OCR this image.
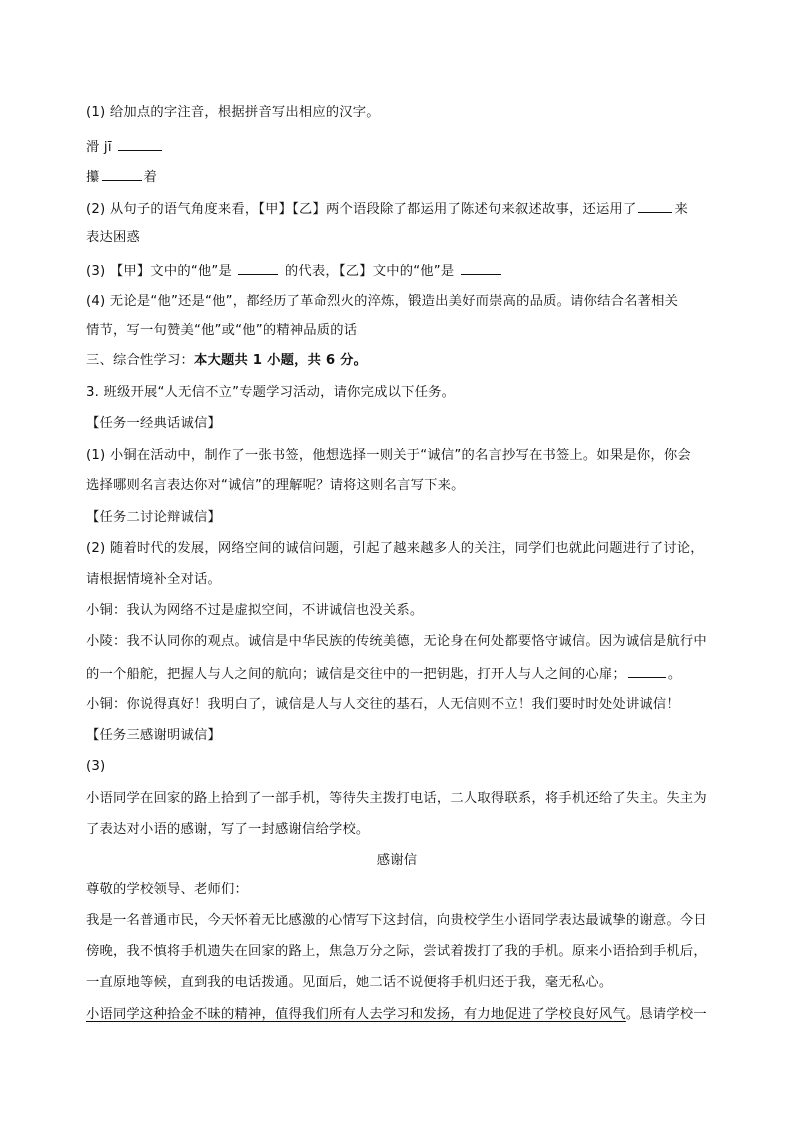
(1) 给加点的字注音，根据拼音写出相应的汉字。
滑 jī
攥	着
(2) 从句子的语气角度来看，【甲】【乙】两个语段除了都运用了陈述句来叙述故事，还运用了	来
表达困惑
(3) 【甲】文中的“他”是	的代表，【乙】文中的“他”是
(4) 无论是“他”还是“他”，都经历了革命烈火的淬炼，锻造出美好而崇高的品质。请你结合名著相关
情节，写一句赞美“他”或“他”的精神品质的话
三、综合性学习：本大题共 1 小题，共 6 分。
3. 班级开展“人无信不立”专题学习活动，请你完成以下任务。
【任务一经典话诚信】
(1) 小铜在活动中，制作了一张书签，他想选择一则关于“诚信”的名言抄写在书签上。如果是你，你会
选择哪则名言表达你对“诚信”的理解呢？请将这则名言写下来。
【任务二讨论辩诚信】
(2) 随着时代的发展，网络空间的诚信问题，引起了越来越多人的关注，同学们也就此问题进行了讨论，
请根据情境补全对话。
小铜：我认为网络不过是虚拟空间，不讲诚信也没关系。
小陵：我不认同你的观点。诚信是中华民族的传统美德，无论身在何处都要恪守诚信。因为诚信是航行中
的一个船舵，把握人与人之间的航向；诚信是交往中的一把钥匙，打开人与人之间的心扉；	。
小铜：你说得真好！我明白了，诚信是人与人交往的基石，人无信则不立！我们要时时处处讲诚信！
【任务三感谢明诚信】
(3)
小语同学在回家的路上拾到了一部手机，等待失主拨打电话，二人取得联系，将手机还给了失主。失主为
了表达对小语的感谢，写了一封感谢信给学校。
感谢信
尊敬的学校领导、老师们：
我是一名普通市民，今天怀着无比感激的心情写下这封信，向贵校学生小语同学表达最诚挚的谢意。今日
傍晚，我不慎将手机遗失在回家的路上，焦急万分之际，尝试着拨打了我的手机。原来小语拾到手机后，
一直原地等候，直到我的电话拨通。见面后，她二话不说便将手机归还于我，毫无私心。
小语同学这种拾金不昧的精神，值得我们所有人去学习和发扬，有力地促进了学校良好风气。恳请学校一
